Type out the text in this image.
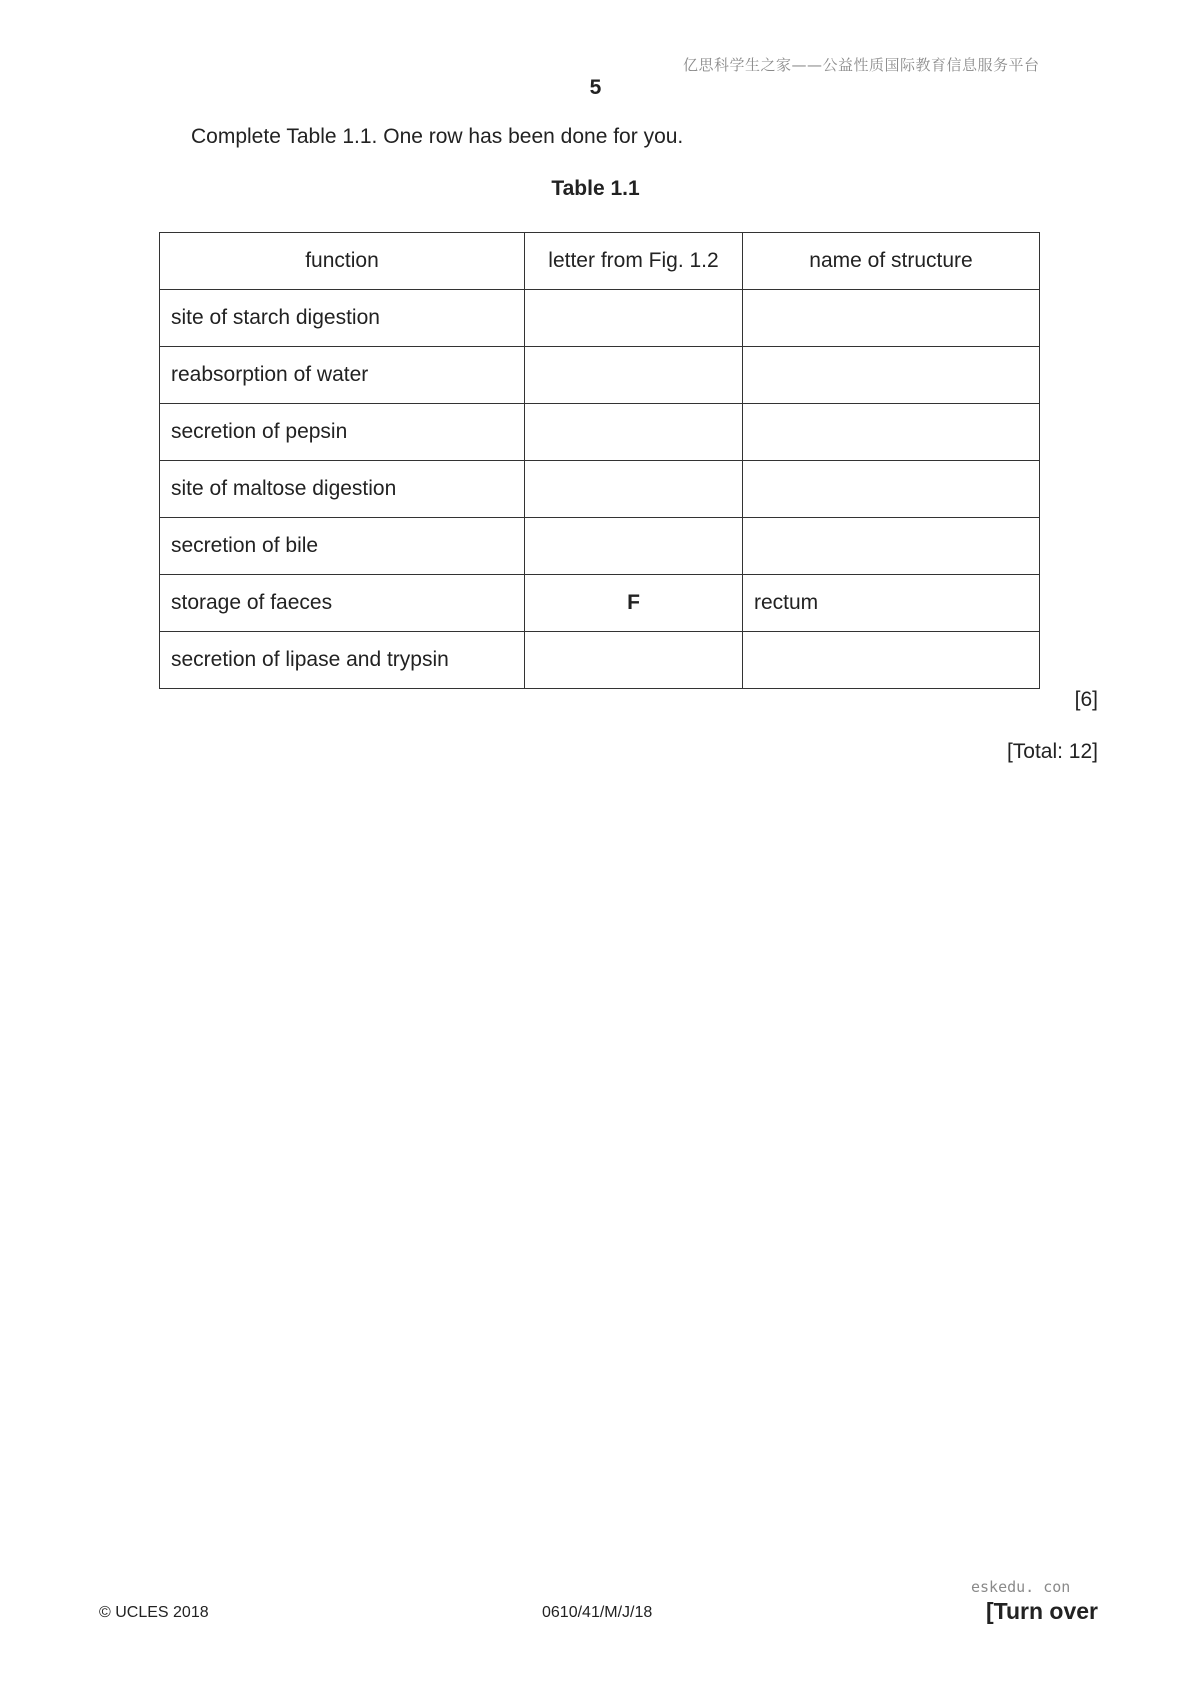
亿思科学生之家——公益性质国际教育信息服务平台
5
Complete Table 1.1. One row has been done for you.
Table 1.1
function	letter from Fig. 1.2	name of structure
site of starch digestion		
reabsorption of water		
secretion of pepsin		
site of maltose digestion		
secretion of bile		
storage of faeces	F	rectum
secretion of lipase and trypsin		
[6]
[Total: 12]
eskedu. con
© UCLES 2018	0610/41/M/J/18	[Turn over
